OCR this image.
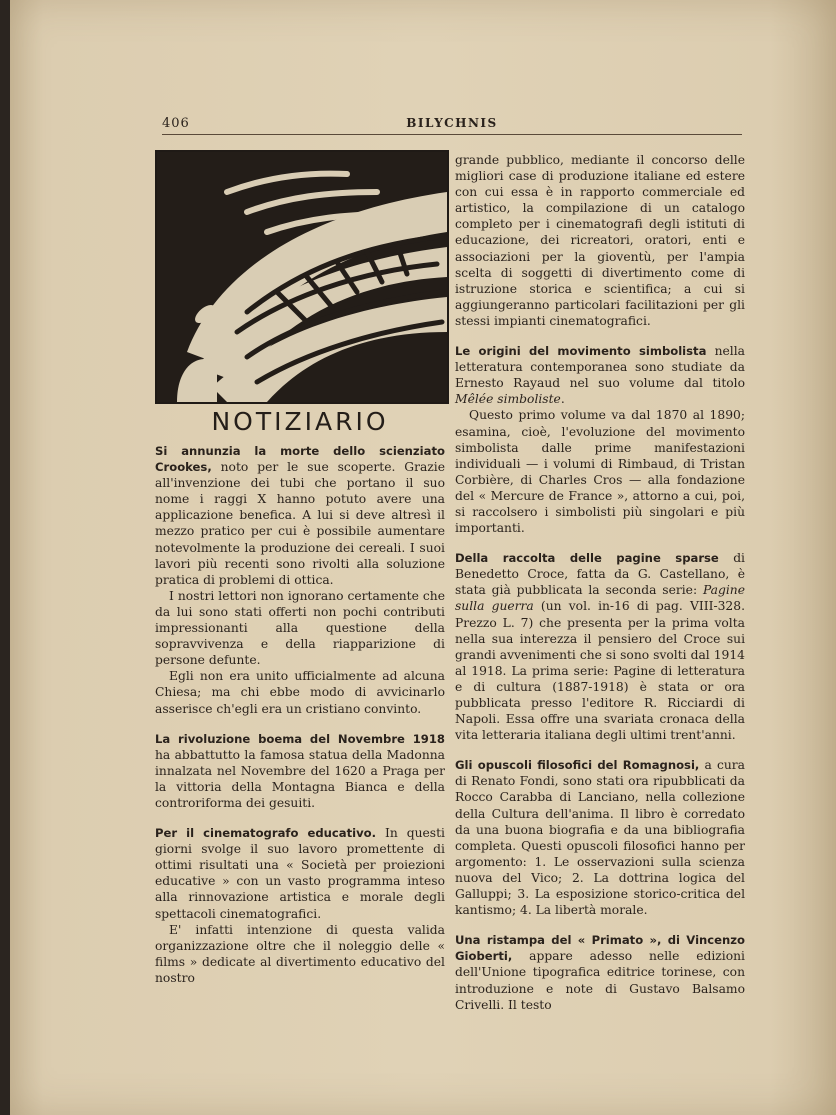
406	BILYCHNIS
NOTIZIARIO

Si annunzia la morte dello scienziato Crookes, noto per le sue scoperte. Grazie all'invenzione dei tubi che portano il suo nome i raggi X hanno potuto avere una applicazione benefica. A lui si deve altresì il mezzo pratico per cui è possibile aumentare notevolmente la produzione dei cereali. I suoi lavori più recenti sono rivolti alla soluzione pratica di problemi di ottica.

I nostri lettori non ignorano certamente che da lui sono stati offerti non pochi contributi impressionanti alla questione della sopravvivenza e della riapparizione di persone defunte.

Egli non era unito ufficialmente ad alcuna Chiesa; ma chi ebbe modo di avvicinarlo asserisce ch'egli era un cristiano convinto.

La rivoluzione boema del Novembre 1918 ha abbattutto la famosa statua della Madonna innalzata nel Novembre del 1620 a Praga per la vittoria della Montagna Bianca e della controriforma dei gesuiti.

Per il cinematografo educativo. In questi giorni svolge il suo lavoro promettente di ottimi risultati una « Società per proiezioni educative » con un vasto programma inteso alla rinnovazione artistica e morale degli spettacoli cinematografici.

E' infatti intenzione di questa valida organizzazione oltre che il noleggio delle « films » dedicate al divertimento educativo del nostro

grande pubblico, mediante il concorso delle migliori case di produzione italiane ed estere con cui essa è in rapporto commerciale ed artistico, la compilazione di un catalogo completo per i cinematografi degli istituti di educazione, dei ricreatori, oratori, enti e associazioni per la gioventù, per l'ampia scelta di soggetti di divertimento come di istruzione storica e scientifica; a cui si aggiungeranno particolari facilitazioni per gli stessi impianti cinematografici.

Le origini del movimento simbolista nella letteratura contemporanea sono studiate da Ernesto Rayaud nel suo volume dal titolo Mêlée simboliste.

Questo primo volume va dal 1870 al 1890; esamina, cioè, l'evoluzione del movimento simbolista dalle prime manifestazioni individuali — i volumi di Rimbaud, di Tristan Corbière, di Charles Cros — alla fondazione del « Mercure de France », attorno a cui, poi, si raccolsero i simbolisti più singolari e più importanti.

Della raccolta delle pagine sparse di Benedetto Croce, fatta da G. Castellano, è stata già pubblicata la seconda serie: Pagine sulla guerra (un vol. in-16 di pag. VIII-328. Prezzo L. 7) che presenta per la prima volta nella sua interezza il pensiero del Croce sui grandi avvenimenti che si sono svolti dal 1914 al 1918. La prima serie: Pagine di letteratura e di cultura (1887-1918) è stata or ora pubblicata presso l'editore R. Ricciardi di Napoli. Essa offre una svariata cronaca della vita letteraria italiana degli ultimi trent'anni.

Gli opuscoli filosofici del Romagnosi, a cura di Renato Fondi, sono stati ora ripubblicati da Rocco Carabba di Lanciano, nella collezione della Cultura dell'anima. Il libro è corredato da una buona biografia e da una bibliografia completa. Questi opuscoli filosofici hanno per argomento: 1. Le osservazioni sulla scienza nuova del Vico; 2. La dottrina logica del Galluppi; 3. La esposizione storico-critica del kantismo; 4. La libertà morale.

Una ristampa del « Primato », di Vincenzo Gioberti, appare adesso nelle edizioni dell'Unione tipografica editrice torinese, con introduzione e note di Gustavo Balsamo Crivelli. Il testo
